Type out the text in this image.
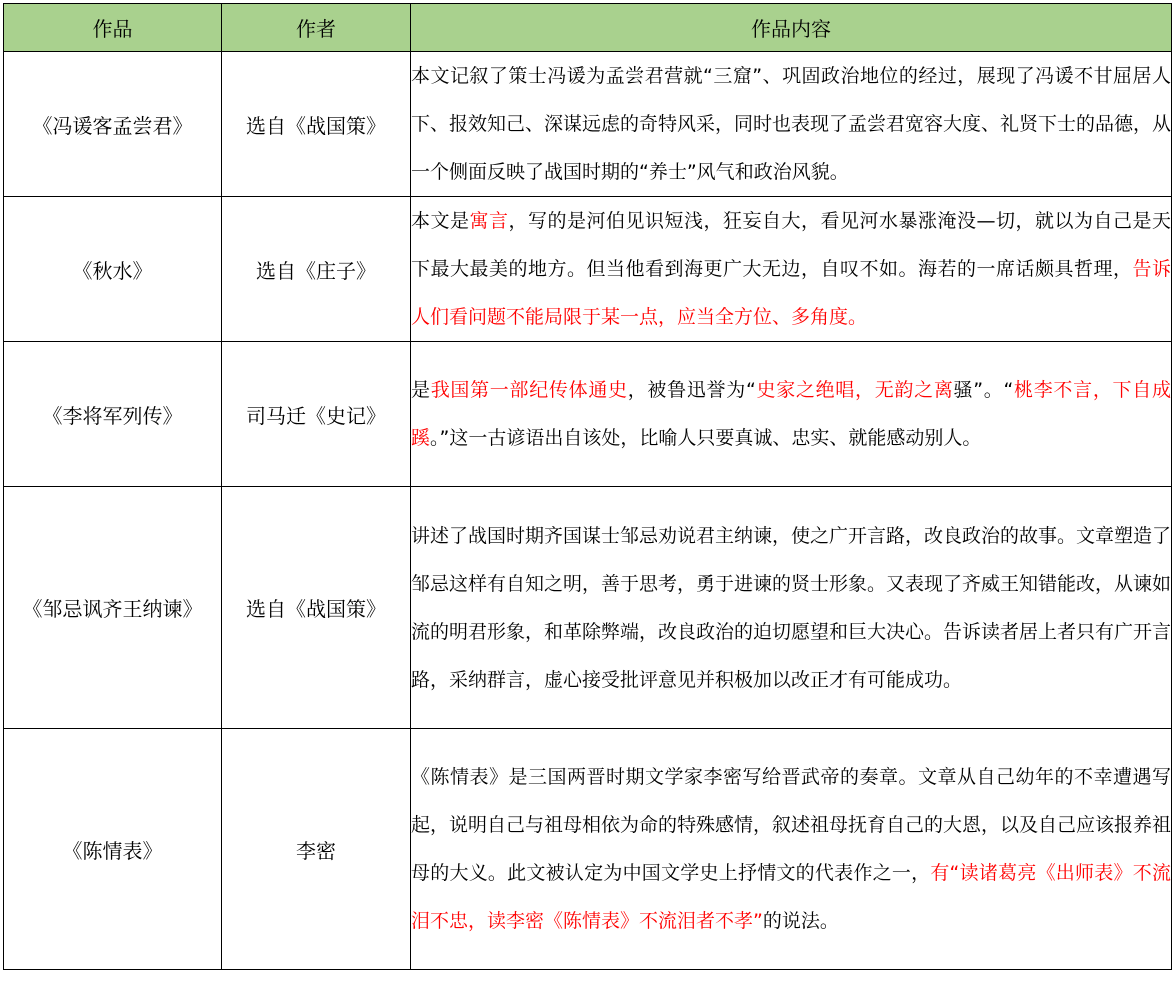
作品	作者	作品内容
《冯谖客孟尝君》	选自《战国策》	本文记叙了策士冯谖为孟尝君营就“三窟”、巩固政治地位的经过，展现了冯谖不甘屈居人下、报效知己、深谋远虑的奇特风采，同时也表现了孟尝君宽容大度、礼贤下士的品德，从一个侧面反映了战国时期的“养士”风气和政治风貌。
《秋水》	选自《庄子》	本文是寓言，写的是河伯见识短浅，狂妄自大，看见河水暴涨淹没—切，就以为自己是天下最大最美的地方。但当他看到海更广大无边，自叹不如。海若的一席话颇具哲理，告诉人们看问题不能局限于某一点，应当全方位、多角度。
《李将军列传》	司马迁《史记》	是我国第一部纪传体通史，被鲁迅誉为“史家之绝唱，无韵之离骚”。“桃李不言，下自成蹊。”这一古谚语出自该处，比喻人只要真诚、忠实、就能感动别人。
《邹忌讽齐王纳谏》	选自《战国策》	讲述了战国时期齐国谋士邹忌劝说君主纳谏，使之广开言路，改良政治的故事。文章塑造了邹忌这样有自知之明，善于思考，勇于进谏的贤士形象。又表现了齐威王知错能改，从谏如流的明君形象，和革除弊端，改良政治的迫切愿望和巨大决心。告诉读者居上者只有广开言路，采纳群言，虚心接受批评意见并积极加以改正才有可能成功。
《陈情表》	李密	《陈情表》是三国两晋时期文学家李密写给晋武帝的奏章。文章从自己幼年的不幸遭遇写起，说明自己与祖母相依为命的特殊感情，叙述祖母抚育自己的大恩，以及自己应该报养祖母的大义。此文被认定为中国文学史上抒情文的代表作之一，有“读诸葛亮《出师表》不流泪不忠，读李密《陈情表》不流泪者不孝”的说法。
